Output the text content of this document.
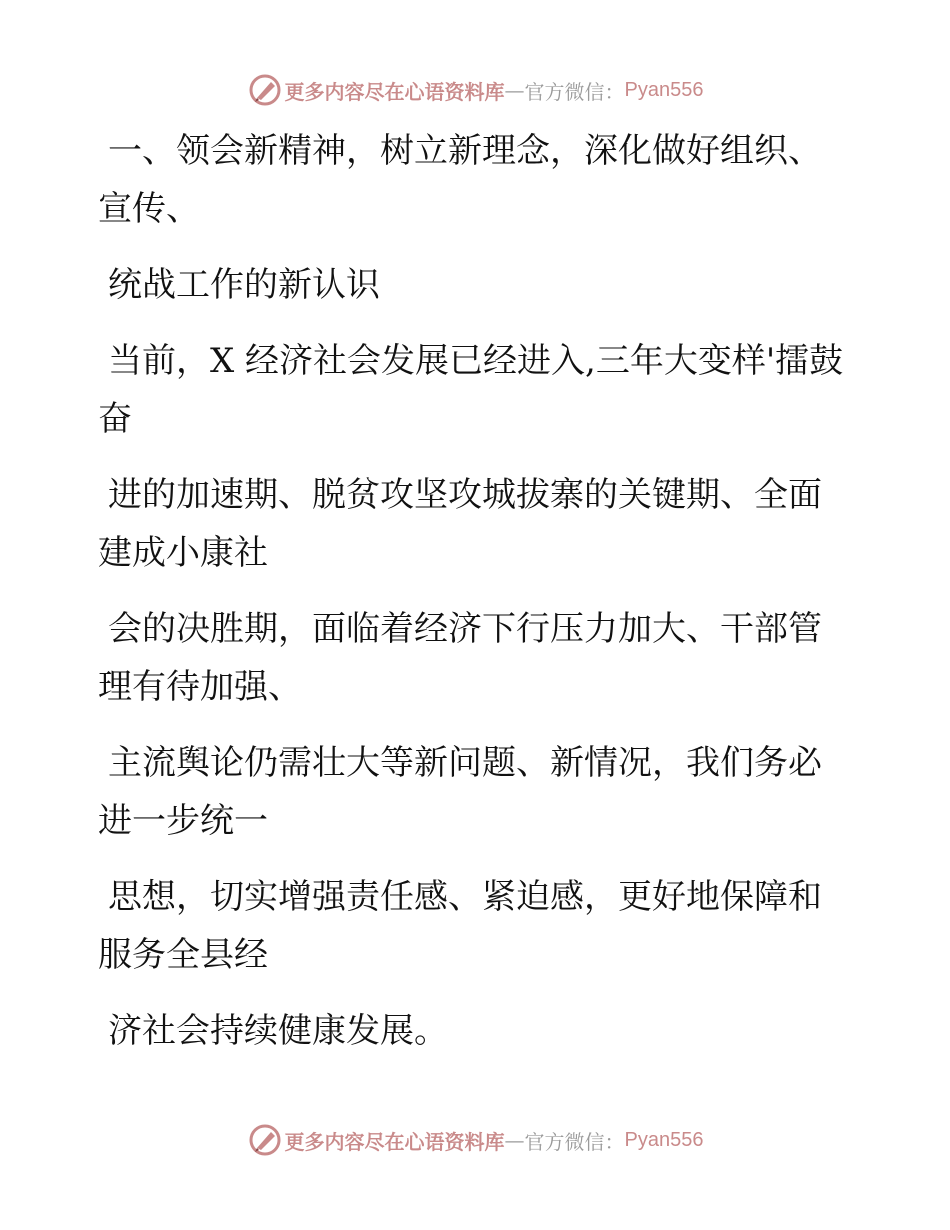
更多内容尽在心语资料库 — 官方微信： Pyan556
一、领会新精神，树立新理念，深化做好组织、
宣传、
统战工作的新认识
当前，X 经济社会发展已经进入,三年大变样'擂鼓
奋
进的加速期、脱贫攻坚攻城拔寨的关键期、全面
建成小康社
会的决胜期，面临着经济下行压力加大、干部管
理有待加强、
主流舆论仍需壮大等新问题、新情况，我们务必
进一步统一
思想，切实增强责任感、紧迫感，更好地保障和
服务全县经
济社会持续健康发展。
更多内容尽在心语资料库 — 官方微信： Pyan556
